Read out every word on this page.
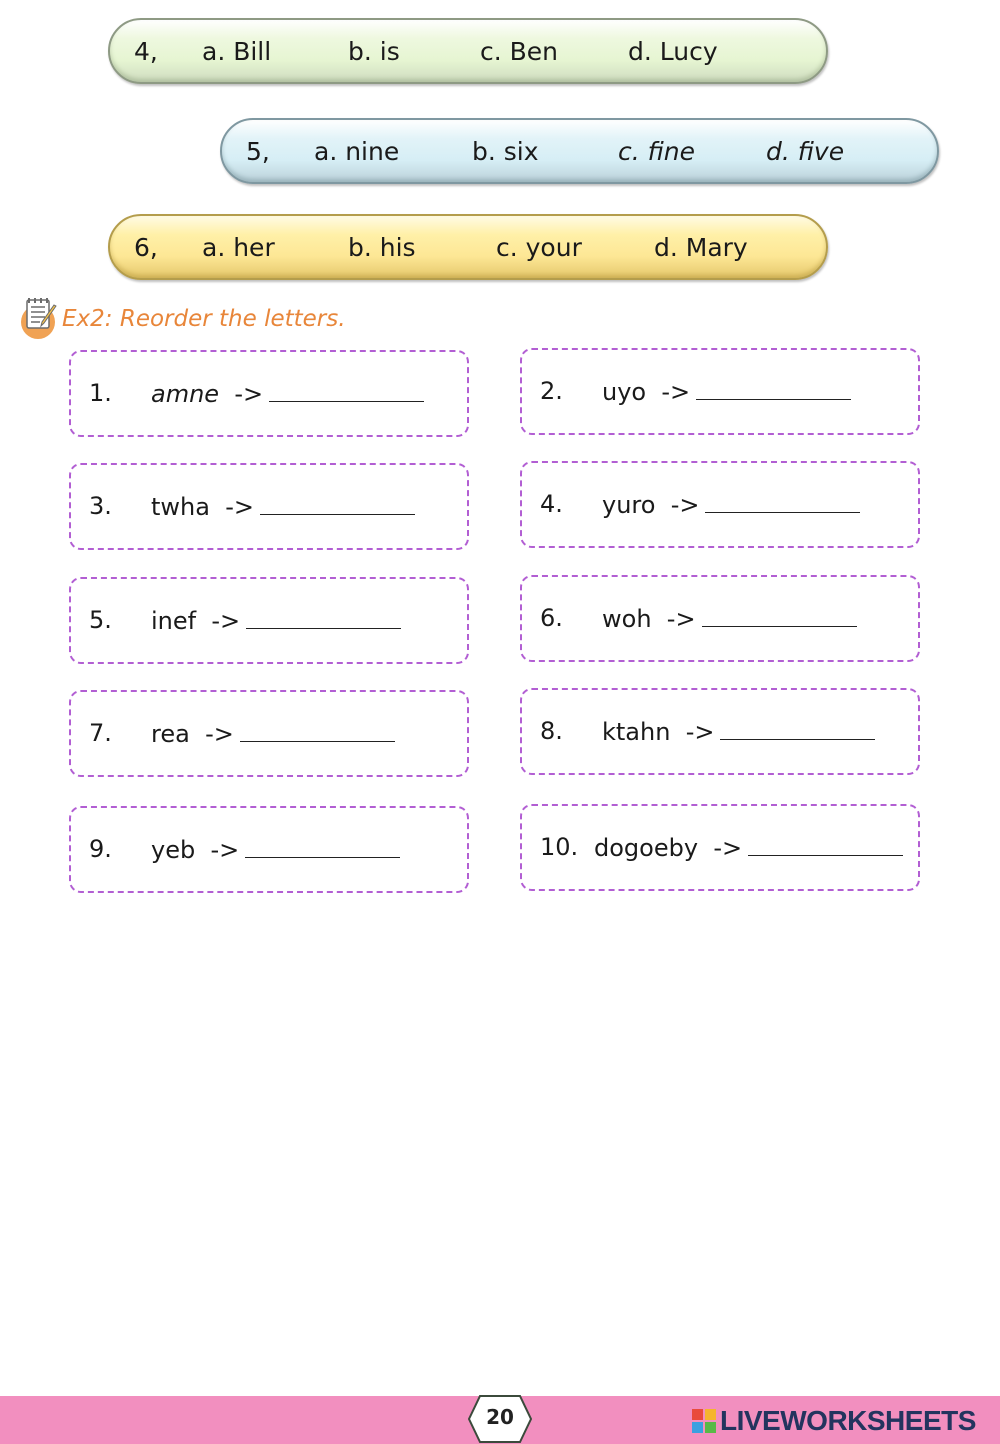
4, a. Bill	b. is	c. Ben	d. Lucy
5, a. nine	b. six	c. fine	d. five
6, a. her	b. his	c. your	d. Mary
Ex2: Reorder the letters.
1. amne ->	2. uyo ->
3. twha ->	4. yuro ->
5. inef ->	6. woh ->
7. rea ->	8. ktahn ->
9. yeb ->	10. dogoeby ->
20	LIVEWORKSHEETS
